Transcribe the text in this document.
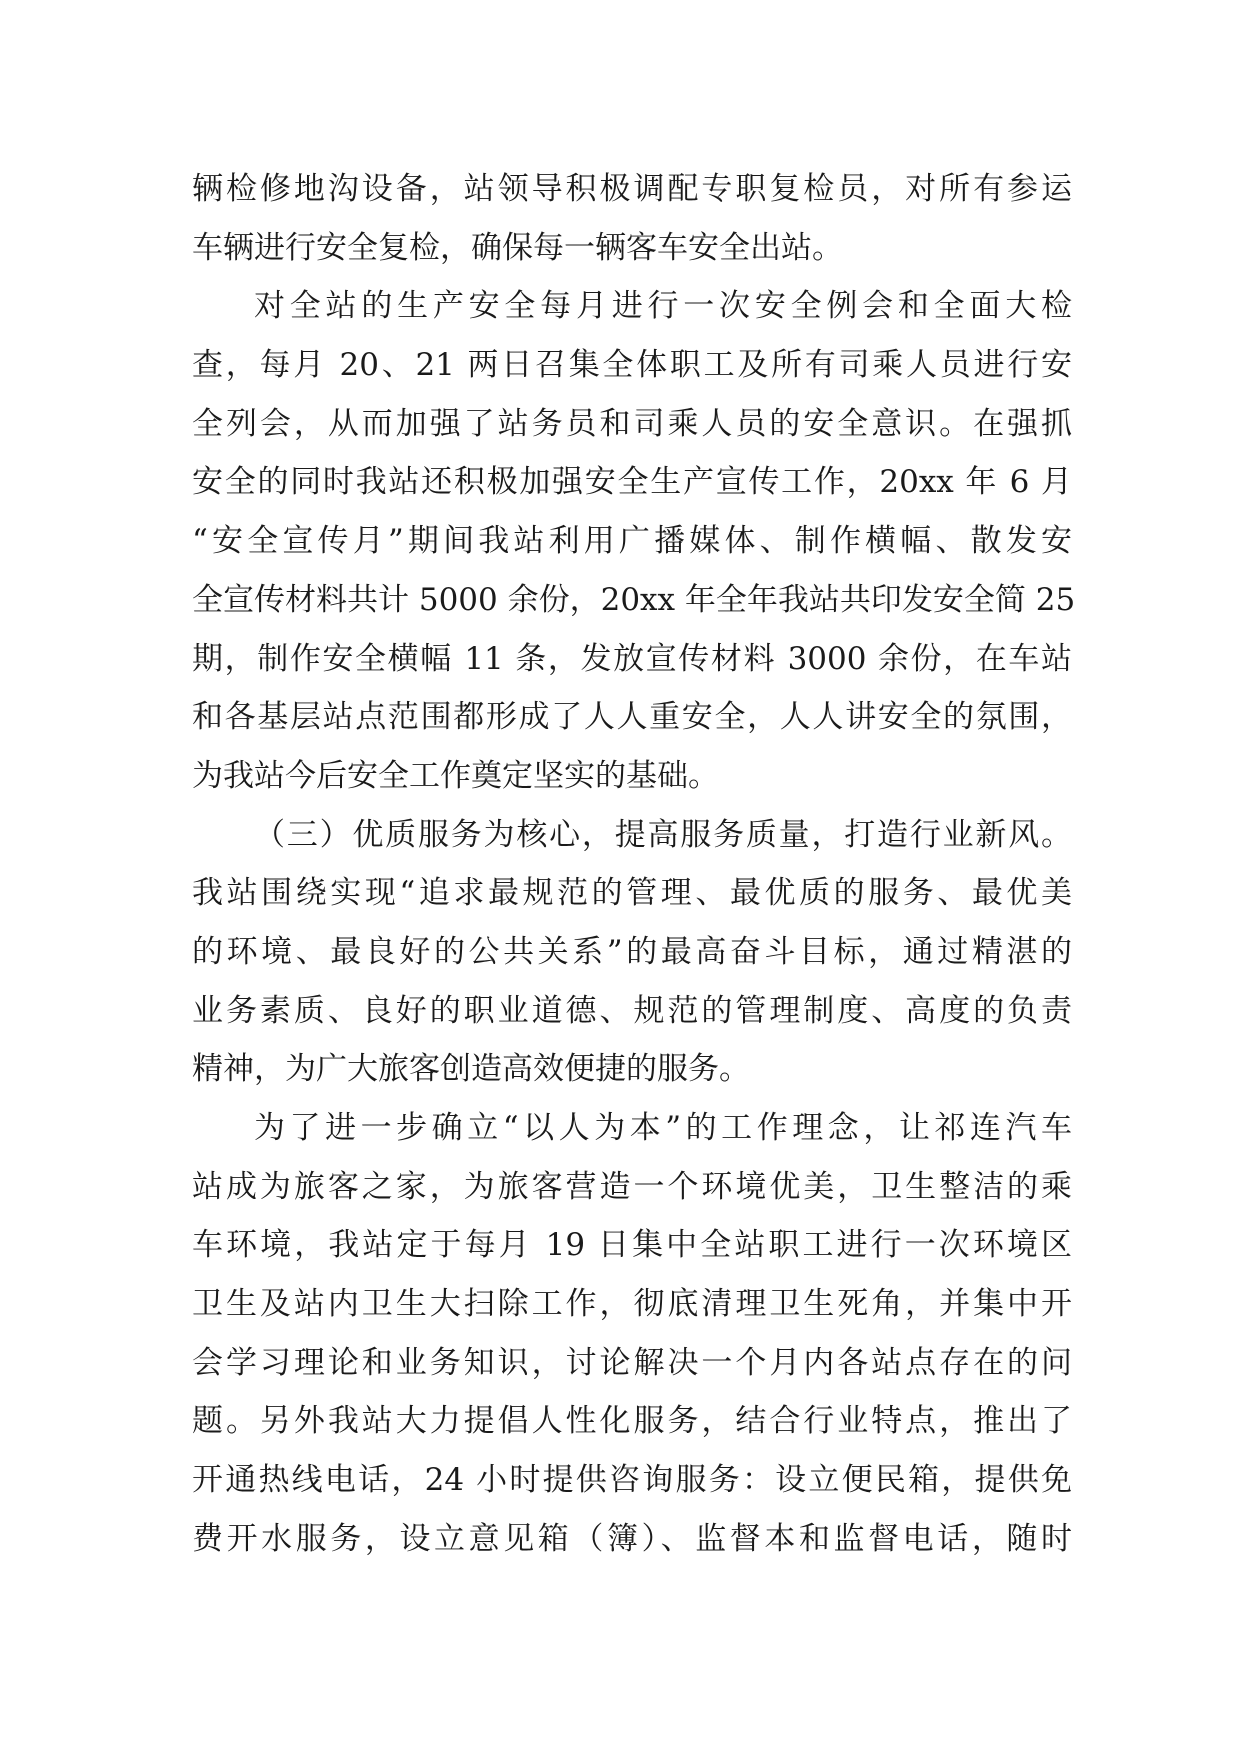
辆检修地沟设备，站领导积极调配专职复检员，对所有参运
车辆进行安全复检，确保每一辆客车安全出站。
对全站的生产安全每月进行一次安全例会和全面大检
查，每月 20、21 两日召集全体职工及所有司乘人员进行安
全列会，从而加强了站务员和司乘人员的安全意识。在强抓
安全的同时我站还积极加强安全生产宣传工作，20xx 年 6 月
“安全宣传月”期间我站利用广播媒体、制作横幅、散发安
全宣传材料共计 5000 余份，20xx 年全年我站共印发安全简 25
期，制作安全横幅 11 条，发放宣传材料 3000 余份，在车站
和各基层站点范围都形成了人人重安全，人人讲安全的氛围，
为我站今后安全工作奠定坚实的基础。
（三）优质服务为核心，提高服务质量，打造行业新风。
我站围绕实现“追求最规范的管理、最优质的服务、最优美
的环境、最良好的公共关系”的最高奋斗目标，通过精湛的
业务素质、良好的职业道德、规范的管理制度、高度的负责
精神，为广大旅客创造高效便捷的服务。
为了进一步确立“以人为本”的工作理念，让祁连汽车
站成为旅客之家，为旅客营造一个环境优美，卫生整洁的乘
车环境，我站定于每月 19 日集中全站职工进行一次环境区
卫生及站内卫生大扫除工作，彻底清理卫生死角，并集中开
会学习理论和业务知识，讨论解决一个月内各站点存在的问
题。另外我站大力提倡人性化服务，结合行业特点，推出了
开通热线电话，24 小时提供咨询服务：设立便民箱，提供免
费开水服务，设立意见箱（簿）、监督本和监督电话，随时
